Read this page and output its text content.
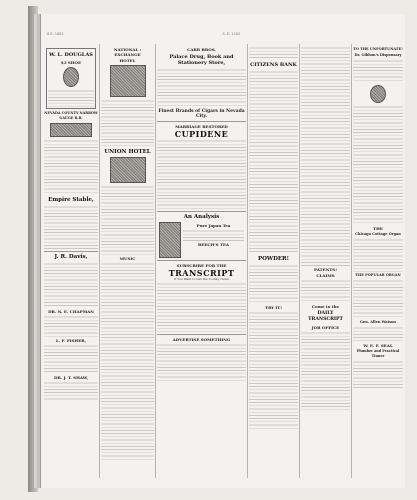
8 E. 1882	S. E. 1182
W. L. DOUGLAS
$3 SHOE
NEVADA COUNTY NARROW GAUGE R.R.
Empire Stable,
J. R. Davis,
DR. N. E. CHAPMAN
L. F. FISHER,
DR. J. T. SHAW,
NATIONAL : EXCHANGE
HOTEL
UNION HOTEL
MUSIC
CARR BROS.
Palace Drug, Book and Stationery Store,
Finest Brands of Cigars in Nevada City.
MARRIAGE RESTORED
CUPIDENE
An Analysis
Pure Japan Tea
BEECH'S TEA
SUBSCRIBE FOR THE
TRANSCRIPT
If You Want to Get the County News
ADVERTISE SOMETHING
CITIZENS BANK
POWDER!
TRY IT!
PATENTS!
CLAIMS
Come to the
DAILY TRANSCRIPT
JOB OFFICE
TO THE UNFORTUNATE!
Dr. Gibbon's Dispensary
THE
Chicago Cottage Organ
THE POPULAR ORGAN
Gen. Allen Watson
W. E. F. SEAL
Plumber and Practical Tinner
